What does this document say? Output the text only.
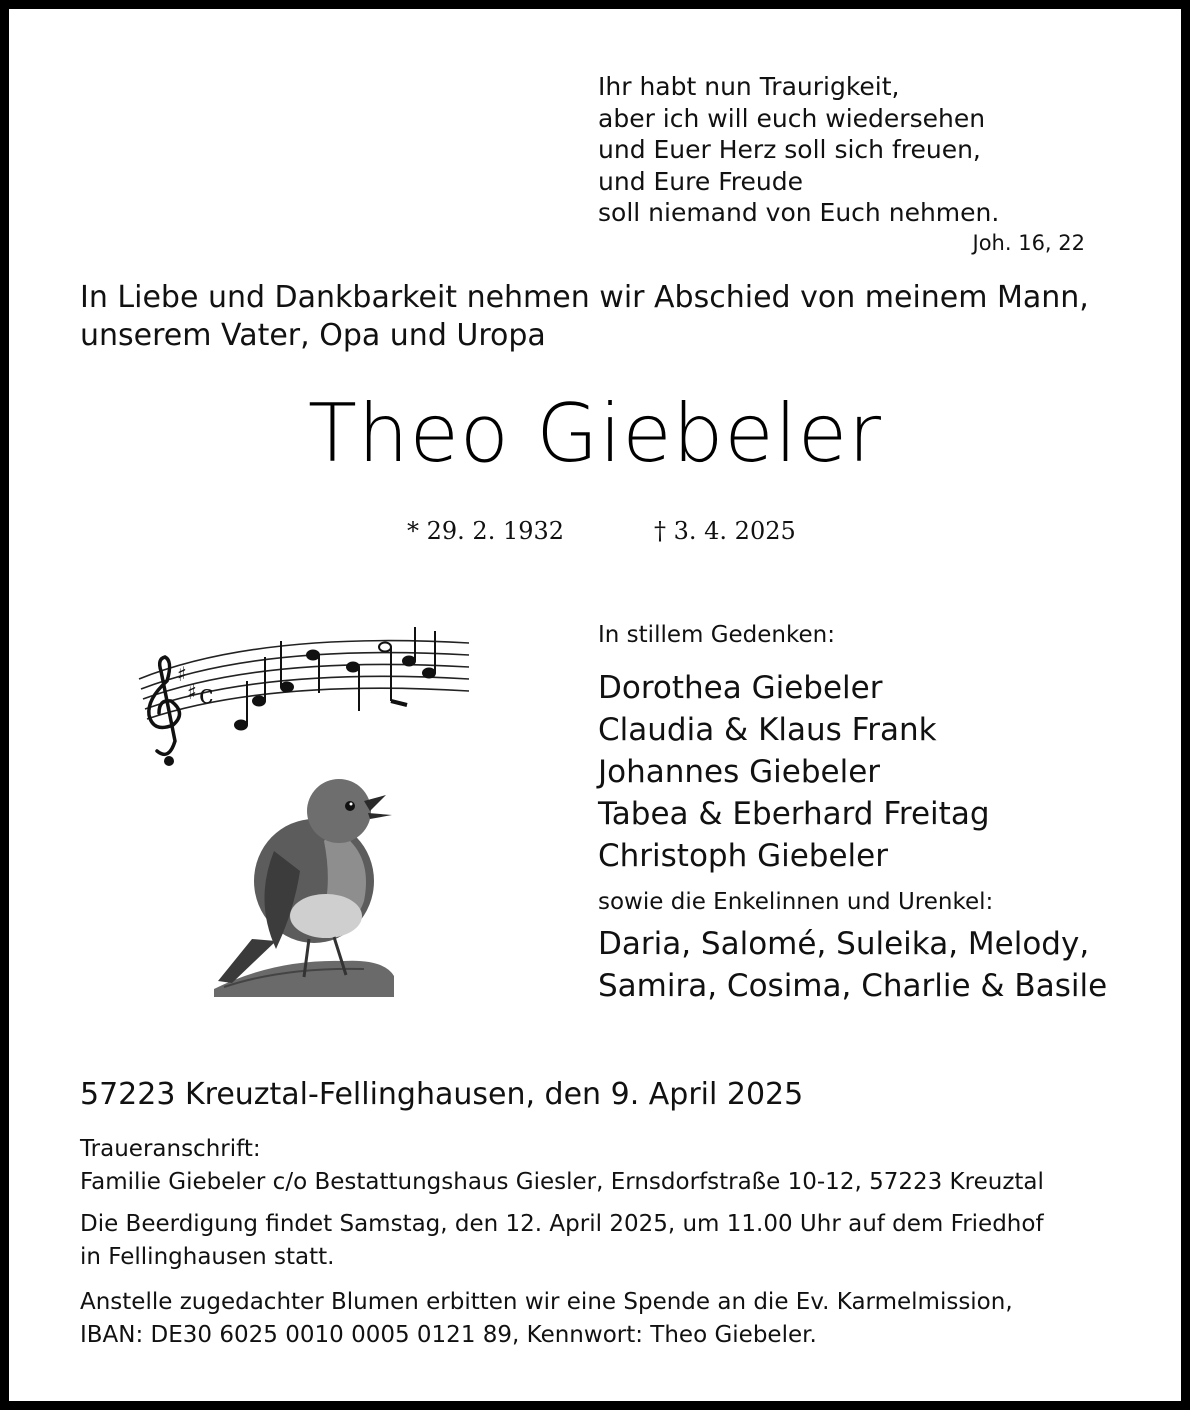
Ihr habt nun Traurigkeit,
aber ich will euch wiedersehen
und Euer Herz soll sich freuen,
und Eure Freude
soll niemand von Euch nehmen.
Joh. 16, 22
In Liebe und Dankbarkeit nehmen wir Abschied von meinem Mann,
unserem Vater, Opa und Uropa
Theo Giebeler
* 29. 2. 1932	† 3. 4. 2025
♯
♯ c
In stillem Gedenken:
Dorothea Giebeler
Claudia & Klaus Frank
Johannes Giebeler
Tabea & Eberhard Freitag
Christoph Giebeler
sowie die Enkelinnen und Urenkel:
Daria, Salomé, Suleika, Melody,
Samira, Cosima, Charlie & Basile
57223 Kreuztal-Fellinghausen, den 9. April 2025
Traueranschrift:
Familie Giebeler c/o Bestattungshaus Giesler, Ernsdorfstraße 10-12, 57223 Kreuztal
Die Beerdigung findet Samstag, den 12. April 2025, um 11.00 Uhr auf dem Friedhof
in Fellinghausen statt.
Anstelle zugedachter Blumen erbitten wir eine Spende an die Ev. Karmelmission,
IBAN: DE30 6025 0010 0005 0121 89, Kennwort: Theo Giebeler.
